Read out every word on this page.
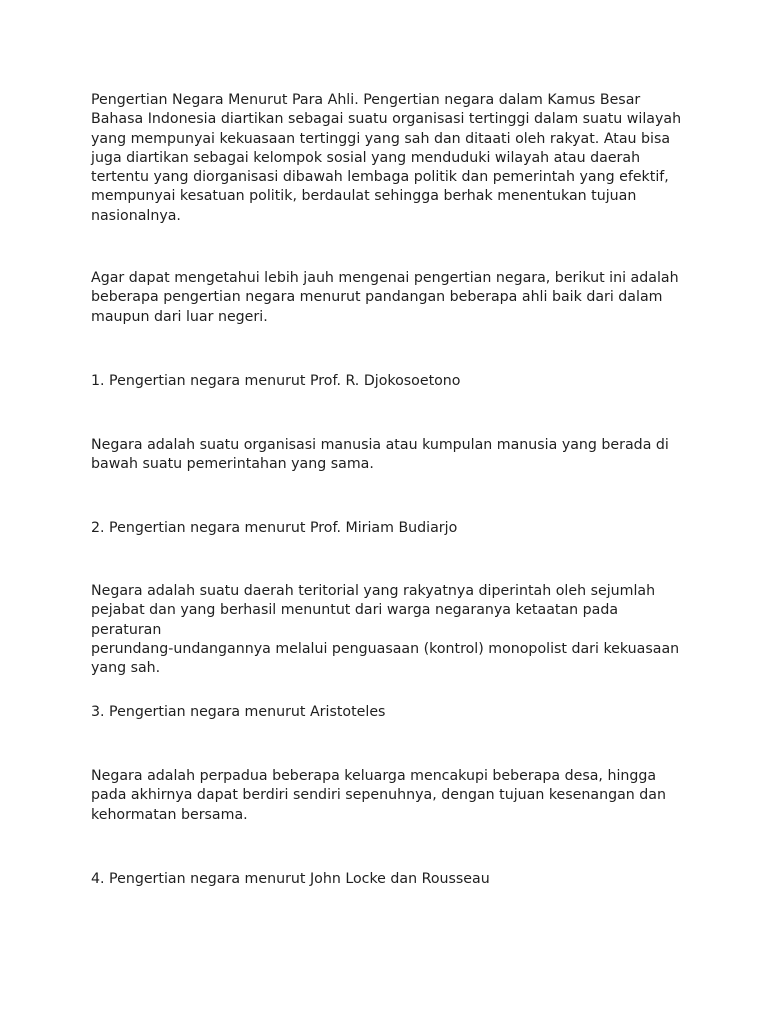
Pengertian Negara Menurut Para Ahli. Pengertian negara dalam Kamus Besar
Bahasa Indonesia diartikan sebagai suatu organisasi tertinggi dalam suatu wilayah
yang mempunyai kekuasaan tertinggi yang sah dan ditaati oleh rakyat. Atau bisa
juga diartikan sebagai kelompok sosial yang menduduki wilayah atau daerah
tertentu yang diorganisasi dibawah lembaga politik dan pemerintah yang efektif,
mempunyai kesatuan politik, berdaulat sehingga berhak menentukan tujuan
nasionalnya.

Agar dapat mengetahui lebih jauh mengenai pengertian negara, berikut ini adalah
beberapa pengertian negara menurut pandangan beberapa ahli baik dari dalam
maupun dari luar negeri.

1. Pengertian negara menurut Prof. R. Djokosoetono

Negara adalah suatu organisasi manusia atau kumpulan manusia yang berada di
bawah suatu pemerintahan yang sama.

2. Pengertian negara menurut Prof. Miriam Budiarjo

Negara adalah suatu daerah teritorial yang rakyatnya diperintah oleh sejumlah
pejabat dan yang berhasil menuntut dari warga negaranya ketaatan pada peraturan
perundang-undangannya melalui penguasaan (kontrol) monopolist dari kekuasaan
yang sah.

3. Pengertian negara menurut Aristoteles

Negara adalah perpadua beberapa keluarga mencakupi beberapa desa, hingga
pada akhirnya dapat berdiri sendiri sepenuhnya, dengan tujuan kesenangan dan
kehormatan bersama.

4. Pengertian negara menurut John Locke dan Rousseau
